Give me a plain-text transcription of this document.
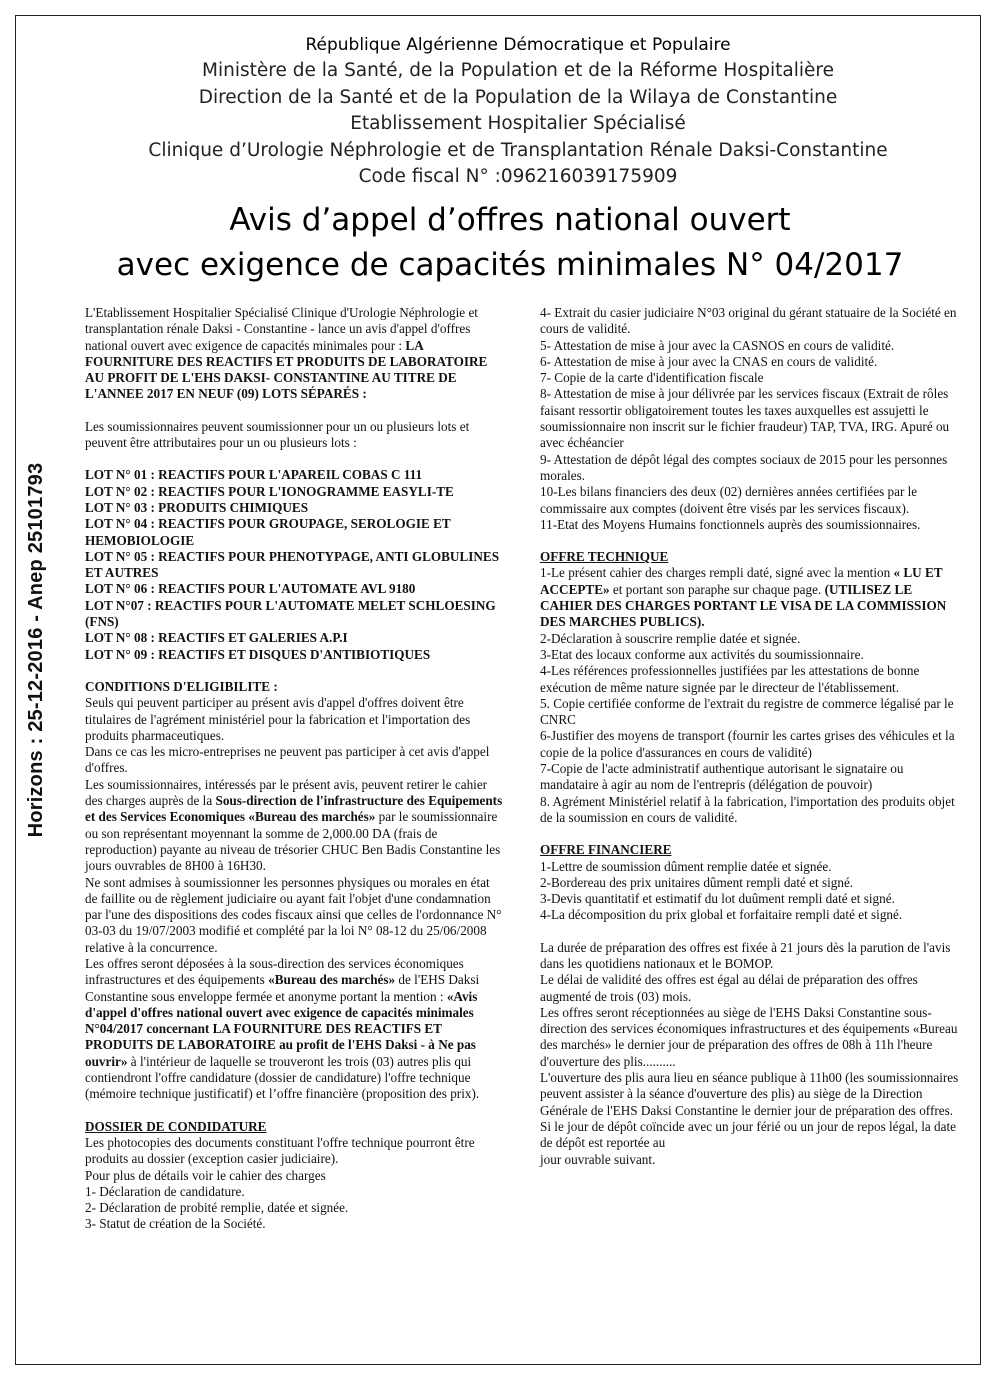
Horizons : 25-12-2016 - Anep 25101793
République Algérienne Démocratique et Populaire
Ministère de la Santé, de la Population et de la Réforme Hospitalière
Direction de la Santé et de la Population de la Wilaya de Constantine
Etablissement Hospitalier Spécialisé
Clinique d’Urologie Néphrologie et de Transplantation Rénale Daksi-Constantine
Code fiscal N° :096216039175909
Avis d’appel d’offres national ouvert
avec exigence de capacités minimales N° 04/2017

L'Etablissement Hospitalier Spécialisé Clinique d'Urologie Néphrologie et transplantation rénale Daksi - Constantine - lance un avis d'appel d'offres national ouvert avec exigence de capacités minimales pour : LA FOURNITURE DES REACTIFS ET PRODUITS DE LABORATOIRE AU PROFIT DE L'EHS DAKSI- CONSTANTINE AU TITRE DE L'ANNEE 2017 EN NEUF (09) LOTS SÉPARÉS :

Les soumissionnaires peuvent soumissionner pour un ou plusieurs lots et peuvent être attributaires pour un ou plusieurs lots :

LOT N° 01 : REACTIFS POUR L'APAREIL COBAS C 111

LOT N° 02 : REACTIFS POUR L'IONOGRAMME EASYLI-TE

LOT N° 03 : PRODUITS CHIMIQUES

LOT N° 04 : REACTIFS POUR GROUPAGE, SEROLOGIE ET HEMOBIOLOGIE

LOT N° 05 : REACTIFS POUR PHENOTYPAGE, ANTI GLOBULINES ET AUTRES

LOT N° 06 : REACTIFS POUR L'AUTOMATE AVL 9180

LOT N°07 : REACTIFS POUR L'AUTOMATE MELET SCHLOESING (FNS)

LOT N° 08 : REACTIFS ET GALERIES A.P.I

LOT N° 09 : REACTIFS ET DISQUES D'ANTIBIOTIQUES

CONDITIONS D'ELIGIBILITE :

Seuls qui peuvent participer au présent avis d'appel d'offres doivent être titulaires de l'agrément ministériel pour la fabrication et l'importation des produits pharmaceutiques.

Dans ce cas les micro-entreprises ne peuvent pas participer à cet avis d'appel d'offres.

Les soumissionnaires, intéressés par le présent avis, peuvent retirer le cahier des charges auprès de la Sous-direction de l'infrastructure des Equipements et des Services Economiques «Bureau des marchés» par le soumissionnaire ou son représentant moyennant la somme de 2,000.00 DA (frais de reproduction) payante au niveau de trésorier CHUC Ben Badis Constantine les jours ouvrables de 8H00 à 16H30.

Ne sont admises à soumissionner les personnes physiques ou morales en état de faillite ou de règlement judiciaire ou ayant fait l'objet d'une condamnation par l'une des dispositions des codes fiscaux ainsi que celles de l'ordonnance N° 03-03 du 19/07/2003 modifié et complété par la loi N° 08-12 du 25/06/2008 relative à la concurrence.

Les offres seront déposées à la sous-direction des services économiques infrastructures et des équipements «Bureau des marchés» de l'EHS Daksi Constantine sous enveloppe fermée et anonyme portant la mention : «Avis d'appel d'offres national ouvert avec exigence de capacités minimales N°04/2017 concernant LA FOURNITURE DES REACTIFS ET PRODUITS DE LABORATOIRE au profit de l'EHS Daksi - à Ne pas ouvrir» à l'intérieur de laquelle se trouveront les trois (03) autres plis qui contiendront l'offre candidature (dossier de candidature) l'offre technique (mémoire technique justificatif) et l’offre financière (proposition des prix).

DOSSIER DE CONDIDATURE

Les photocopies des documents constituant l'offre technique pourront être produits au dossier (exception casier judiciaire).

Pour plus de détails voir le cahier des charges

1- Déclaration de candidature.

2- Déclaration de probité remplie, datée et signée.

3- Statut de création de la Société.

4- Extrait du casier judiciaire N°03 original du gérant statuaire de la Société en cours de validité.

5- Attestation de mise à jour avec la CASNOS en cours de validité.

6- Attestation de mise à jour avec la CNAS en cours de validité.

7- Copie de la carte d'identification fiscale

8- Attestation de mise à jour délivrée par les services fiscaux (Extrait de rôles faisant ressortir obligatoirement toutes les taxes auxquelles est assujetti le soumissionnaire non inscrit sur le fichier fraudeur) TAP, TVA, IRG. Apuré ou avec échéancier

9- Attestation de dépôt légal des comptes sociaux de 2015 pour les personnes morales.

10-Les bilans financiers des deux (02) dernières années certifiées par le commissaire aux comptes (doivent être visés par les services fiscaux).

11-Etat des Moyens Humains fonctionnels auprès des soumissionnaires.

OFFRE TECHNIQUE

1-Le présent cahier des charges rempli daté, signé avec la mention « LU ET ACCEPTE» et portant son paraphe sur chaque page. (UTILISEZ LE CAHIER DES CHARGES PORTANT LE VISA DE LA COMMISSION DES MARCHES PUBLICS).

2-Déclaration à souscrire remplie datée et signée.

3-Etat des locaux conforme aux activités du soumissionnaire.

4-Les références professionnelles justifiées par les attestations de bonne exécution de même nature signée par le directeur de l'établissement.

5. Copie certifiée conforme de l'extrait du registre de commerce légalisé par le CNRC

6-Justifier des moyens de transport (fournir les cartes grises des véhicules et la copie de la police d'assurances en cours de validité)

7-Copie de l'acte administratif authentique autorisant le signataire ou mandataire à agir au nom de l'entrepris (délégation de pouvoir)

8. Agrément Ministériel relatif à la fabrication, l'importation des produits objet de la soumission en cours de validité.

OFFRE FINANCIERE

1-Lettre de soumission dûment remplie datée et signée.

2-Bordereau des prix unitaires dûment rempli daté et signé.

3-Devis quantitatif et estimatif du lot duûment rempli daté et signé.

4-La décomposition du prix global et forfaitaire rempli daté et signé.

La durée de préparation des offres est fixée à 21 jours dès la parution de l'avis dans les quotidiens nationaux et le BOMOP.

Le délai de validité des offres est égal au délai de préparation des offres augmenté de trois (03) mois.

Les offres seront réceptionnées au siège de l'EHS Daksi Constantine sous-direction des services économiques infrastructures et des équipements «Bureau des marchés» le dernier jour de préparation des offres de 08h à 11h l'heure d'ouverture des plis..........

L'ouverture des plis aura lieu en séance publique à 11h00 (les soumissionnaires peuvent assister à la séance d'ouverture des plis) au siège de la Direction Générale de l'EHS Daksi Constantine le dernier jour de préparation des offres.

Si le jour de dépôt coïncide avec un jour férié ou un jour de repos légal, la date de dépôt est reportée au

jour ouvrable suivant.
